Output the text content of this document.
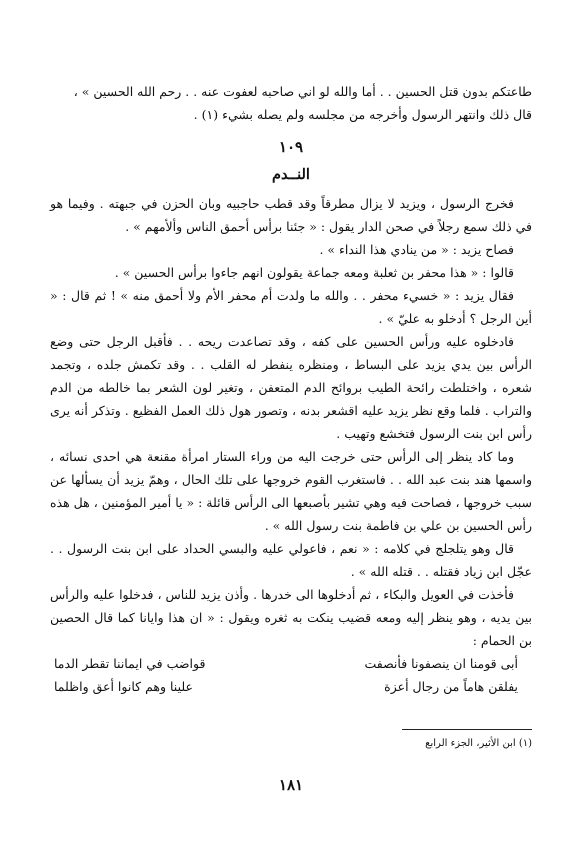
طاعتكم بدون قتل الحسين . . أما والله لو اني صاحبه لعفوت عنه . . رحم الله الحسين » ،

قال ذلك وانتهر الرسول وأخرجه من مجلسه ولم يصله بشيء (١) .

١٠٩
النــدم

فخرج الرسول ، ويزيد لا يزال مطرقاً وقد قطب حاجبيه وبان الحزن في جبهته . وفيما هو في ذلك سمع رجلاً في صحن الدار يقول : « جئنا برأس أحمق الناس وألأمهم » .

فصاح يزيد : « من ينادي هذا النداء » .

قالوا : « هذا محفر بن ثعلبة ومعه جماعة يقولون انهم جاءوا برأس الحسين » .

فقال يزيد : « خسيء محفر . . والله ما ولدت أم محفر الأم ولا أحمق منه » ! ثم قال : « أين الرجل ؟ أدخلو به عليّ » .

فادخلوه عليه ورأس الحسين على كفه ، وقد تصاعدت ريحه . . فأقبل الرجل حتى وضع الرأس بين يدي يزيد على البساط ، ومنظره ينفطر له القلب . . وقد تكمش جلده ، وتجمد شعره ، واختلطت رائحة الطيب بروائح الدم المتعفن ، وتغير لون الشعر بما خالطه من الدم والتراب . فلما وقع نظر يزيد عليه اقشعر بدنه ، وتصور هول ذلك العمل الفظيع . وتذكر أنه يرى رأس ابن بنت الرسول فتخشع وتهيب .

وما كاد ينظر إلى الرأس حتى خرجت اليه من وراء الستار امرأة مقنعة هي احدى نسائه ، واسمها هند بنت عبد الله . . فاستغرب القوم خروجها على تلك الحال ، وهمّ يزيد أن يسألها عن سبب خروجها ، فصاحت فيه وهي تشير بأصبعها الى الرأس قائلة : « يا أمير المؤمنين ، هل هذه رأس الحسين بن علي بن فاطمة بنت رسول الله » .

قال وهو يتلجلج في كلامه : « نعم ، فاعولي عليه والبسي الحداد على ابن بنت الرسول . . عجّل ابن زياد فقتله . . قتله الله » .

فأخذت في العويل والبكاء ، ثم أدخلوها الى خدرها . وأذن يزيد للناس ، فدخلوا عليه والرأس بين يديه ، وهو ينظر إليه ومعه قضيب ينكت به ثغره ويقول : « ان هذا وايانا كما قال الحصين بن الحمام :

أبى قومنا ان ينصفونا فأنصفت
قواضب في ايماننا تقطر الدما
يفلقن هاماً من رجال أعزة
علينا وهم كانوا أعق واظلما
(١) ابن الأثير، الجزء الرابع
١٨١
